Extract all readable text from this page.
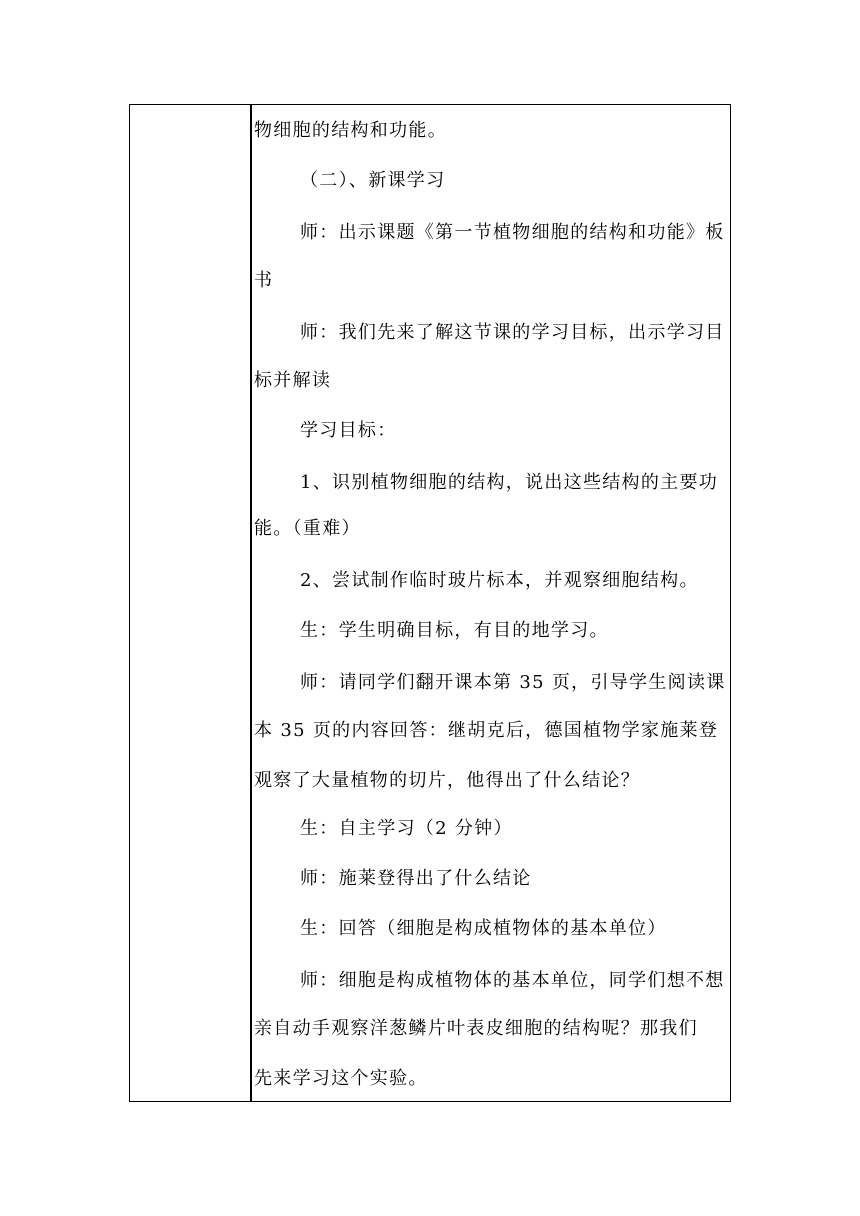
物细胞的结构和功能。
（二）、新课学习
师：出示课题《第一节植物细胞的结构和功能》板
书
师：我们先来了解这节课的学习目标，出示学习目
标并解读
学习目标：
1、识别植物细胞的结构，说出这些结构的主要功
能。（重难）
2、尝试制作临时玻片标本，并观察细胞结构。
生：学生明确目标，有目的地学习。
师：请同学们翻开课本第 35 页，引导学生阅读课
本 35 页的内容回答：继胡克后，德国植物学家施莱登
观察了大量植物的切片，他得出了什么结论？
生：自主学习（2 分钟）
师：施莱登得出了什么结论
生：回答（细胞是构成植物体的基本单位）
师：细胞是构成植物体的基本单位，同学们想不想
亲自动手观察洋葱鳞片叶表皮细胞的结构呢？那我们
先来学习这个实验。
